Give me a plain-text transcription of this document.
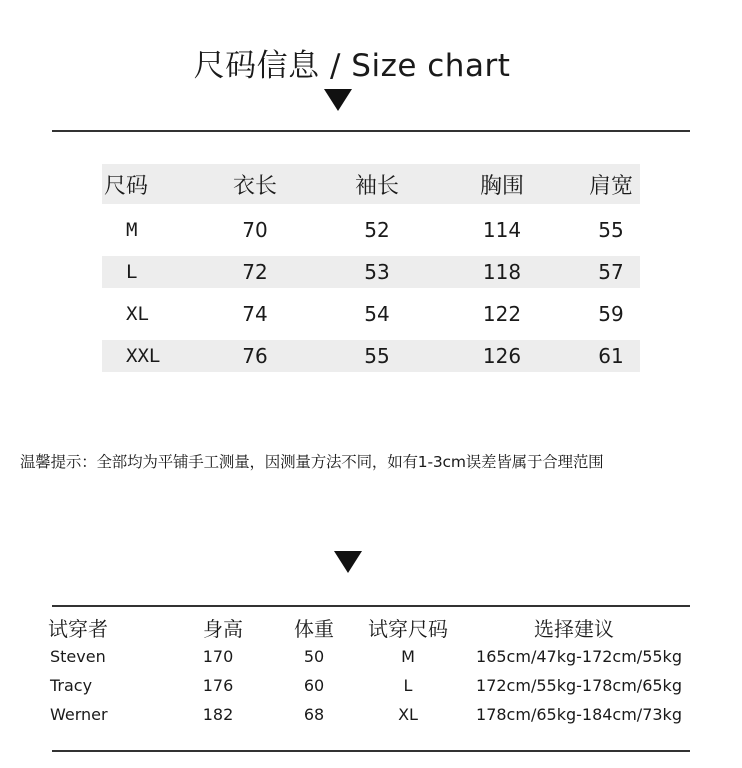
尺码信息 / Size chart
尺码	衣长	袖长	胸围	肩宽
M	70	52	114	55
L	72	53	118	57
XL	74	54	122	59
XXL	76	55	126	61
温馨提示：全部均为平铺手工测量，因测量方法不同，如有1-3cm误差皆属于合理范围
试穿者	身高	体重	试穿尺码	选择建议
Steven	170	50	M	165cm/47kg-172cm/55kg
Tracy	176	60	L	172cm/55kg-178cm/65kg
Werner	182	68	XL	178cm/65kg-184cm/73kg
